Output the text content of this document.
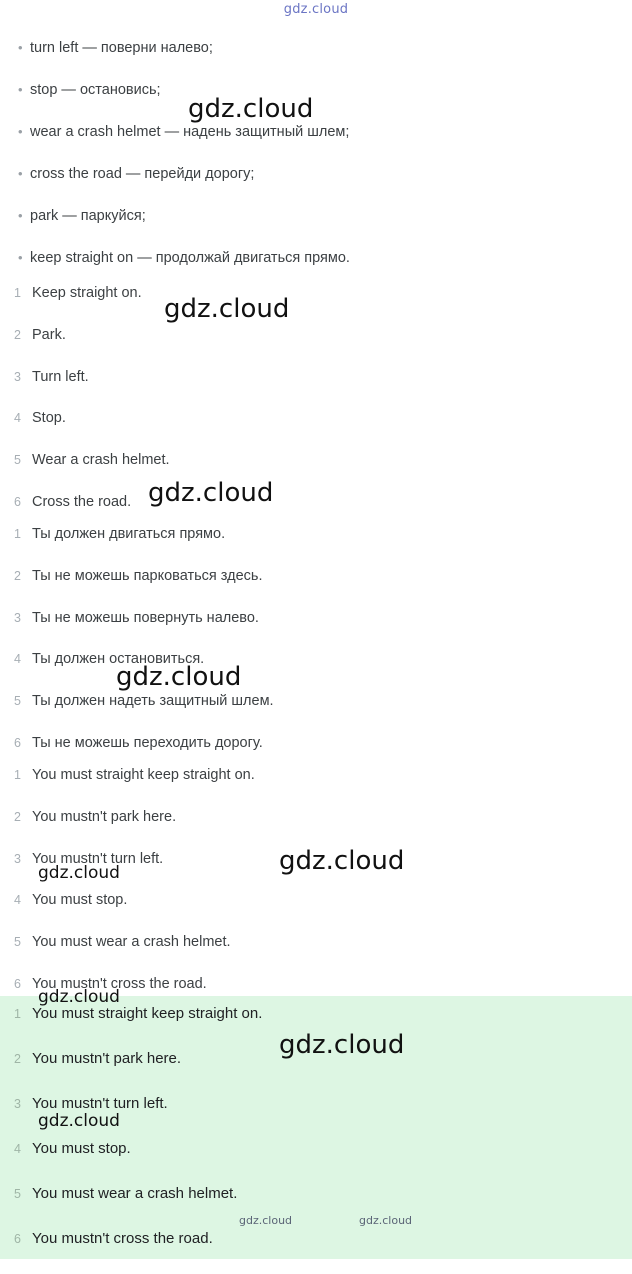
gdz.cloud
• turn left — поверни налево;
• stop — остановись;
• wear a crash helmet — надень защитный шлем;
• cross the road — перейди дорогу;
• park — паркуйся;
• keep straight on — продолжай двигаться прямо.
1 Keep straight on.
2 Park.
3 Turn left.
4 Stop.
5 Wear a crash helmet.
6 Cross the road.
1 Ты должен двигаться прямо.
2 Ты не можешь парковаться здесь.
3 Ты не можешь повернуть налево.
4 Ты должен остановиться.
5 Ты должен надеть защитный шлем.
6 Ты не можешь переходить дорогу.
1 You must straight keep straight on.
2 You mustn't park here.
3 You mustn't turn left.
4 You must stop.
5 You must wear a crash helmet.
6 You mustn't cross the road.
1 You must straight keep straight on.
2 You mustn't park here.
3 You mustn't turn left.
4 You must stop.
5 You must wear a crash helmet.
6 You mustn't cross the road.
gdz.cloud
gdz.cloud
gdz.cloud
gdz.cloud
gdz.cloud
gdz.cloud
gdz.cloud
gdz.cloud
gdz.cloud
gdz.cloud	gdz.cloud
